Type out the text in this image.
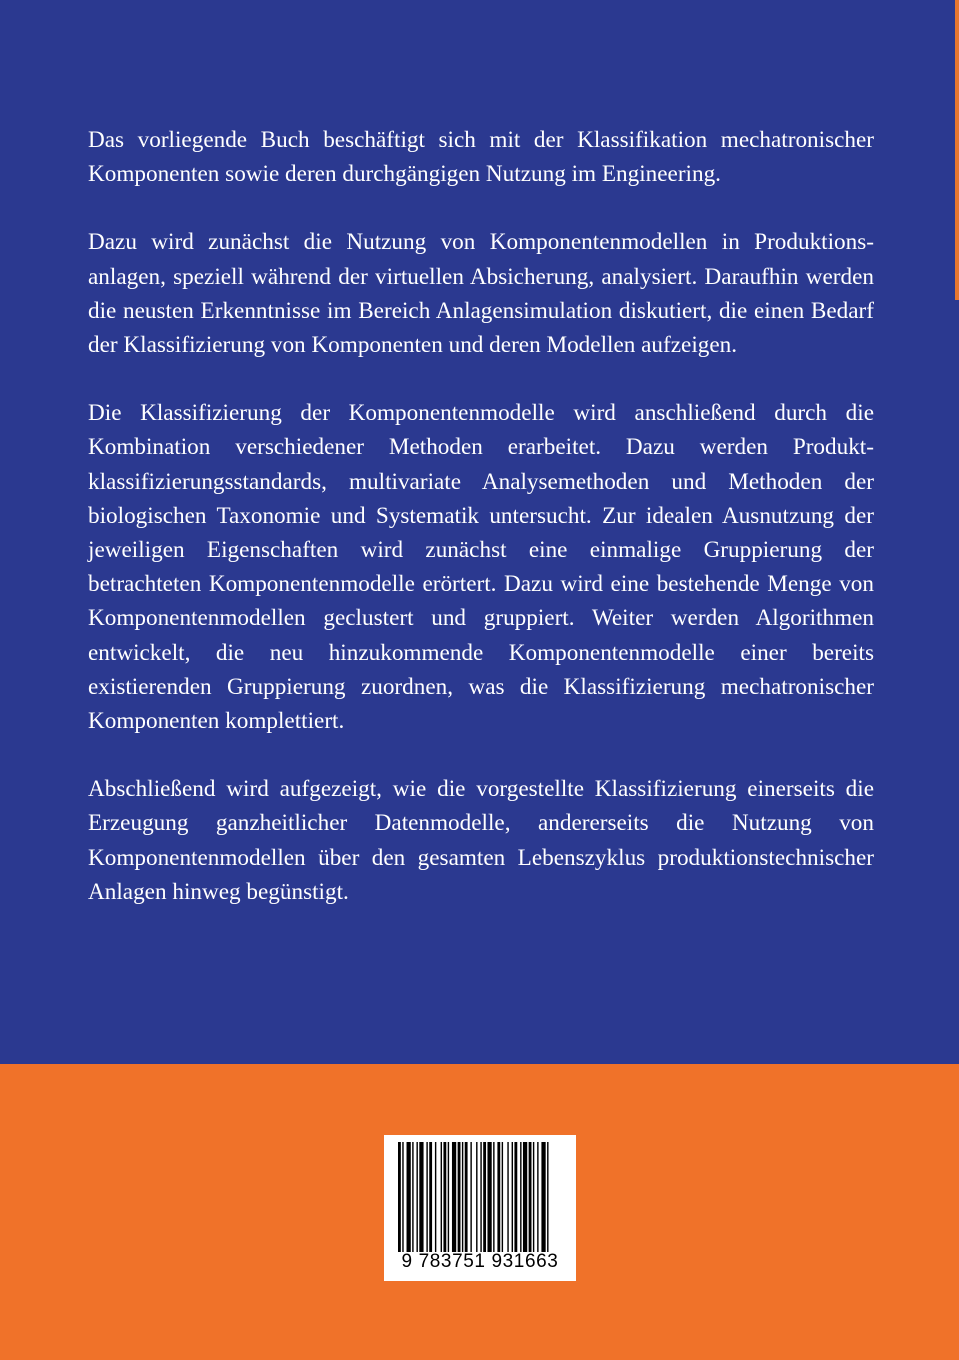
Das vorliegende Buch beschäftigt sich mit der Klassifikation mechatronischer Komponenten sowie deren durchgängigen Nutzung im Engineering.

Dazu wird zunächst die Nutzung von Komponentenmodellen in Produktionsanlagen, speziell während der virtuellen Absicherung, analysiert. Daraufhin werden die neusten Erkenntnisse im Bereich Anlagensimulation diskutiert, die einen Bedarf der Klassifizierung von Komponenten und deren Modellen aufzeigen.

Die Klassifizierung der Komponentenmodelle wird anschließend durch die Kombination verschiedener Methoden erarbeitet. Dazu werden Produktklassifizierungsstandards, multivariate Analysemethoden und Methoden der biologischen Taxonomie und Systematik untersucht. Zur idealen Ausnutzung der jeweiligen Eigenschaften wird zunächst eine einmalige Gruppierung der betrachteten Komponentenmodelle erörtert. Dazu wird eine bestehende Menge von Komponentenmodellen geclustert und gruppiert. Weiter werden Algorithmen entwickelt, die neu hinzukommende Komponentenmodelle einer bereits existierenden Gruppierung zuordnen, was die Klassifizierung mechatronischer Komponenten komplettiert.

Abschließend wird aufgezeigt, wie die vorgestellte Klassifizierung einerseits die Erzeugung ganzheitlicher Datenmodelle, andererseits die Nutzung von Komponentenmodellen über den gesamten Lebenszyklus produktionstechnischer Anlagen hinweg begünstigt.

9 783751 931663
